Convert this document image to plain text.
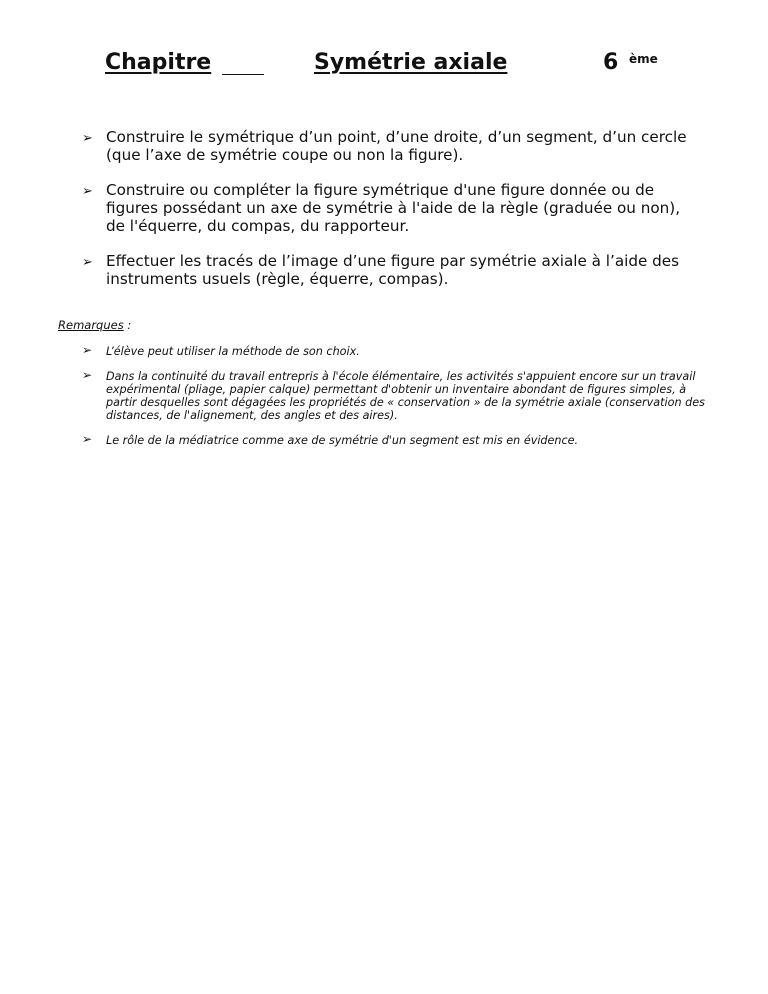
Chapitre	Symétrie axiale	6 ème
➢ Construire le symétrique d’un point, d’une droite, d’un segment, d’un cercle (que l’axe de symétrie coupe ou non la figure).
➢ Construire ou compléter la figure symétrique d'une figure donnée ou de figures possédant un axe de symétrie à l'aide de la règle (graduée ou non), de l'équerre, du compas, du rapporteur.
➢ Effectuer les tracés de l’image d’une figure par symétrie axiale à l’aide des instruments usuels (règle, équerre, compas).
Remarques :
➢ L’élève peut utiliser la méthode de son choix.
➢ Dans la continuité du travail entrepris à l'école élémentaire, les activités s'appuient encore sur un travail expérimental (pliage, papier calque) permettant d'obtenir un inventaire abondant de figures simples, à partir desquelles sont dégagées les propriétés de « conservation » de la symétrie axiale (conservation des distances, de l'alignement, des angles et des aires).
➢ Le rôle de la médiatrice comme axe de symétrie d'un segment est mis en évidence.
